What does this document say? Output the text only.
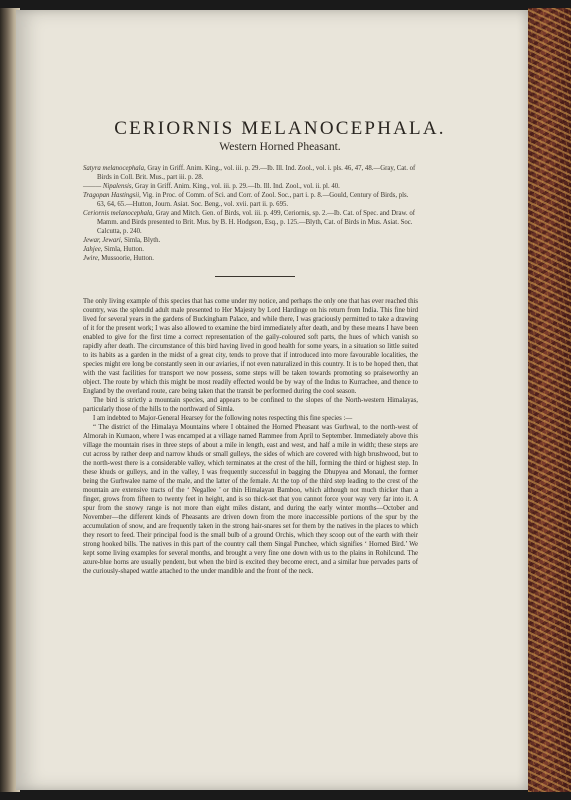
CERIORNIS MELANOCEPHALA.
Western Horned Pheasant.

Satyra melanocephala, Gray in Griff. Anim. King., vol. iii. p. 29.—Ib. Ill. Ind. Zool., vol. i. pls. 46, 47, 48.—Gray, Cat. of Birds in Coll. Brit. Mus., part iii. p. 28.

——— Nipalensis, Gray in Griff. Anim. King., vol. iii. p. 29.—Ib. Ill. Ind. Zool., vol. ii. pl. 40.

Tragopan Hastingsii, Vig. in Proc. of Comm. of Sci. and Corr. of Zool. Soc., part i. p. 8.—Gould, Century of Birds, pls. 63, 64, 65.—Hutton, Journ. Asiat. Soc. Beng., vol. xvii. part ii. p. 695.

Ceriornis melanocephala, Gray and Mitch. Gen. of Birds, vol. iii. p. 499, Ceriornis, sp. 2.—Ib. Cat. of Spec. and Draw. of Mamm. and Birds presented to Brit. Mus. by B. H. Hodgson, Esq., p. 125.—Blyth, Cat. of Birds in Mus. Asiat. Soc. Calcutta, p. 240.

Jewar, Jewari, Simla, Blyth.

Jahjee, Simla, Hutton.

Jwire, Mussoorie, Hutton.

The only living example of this species that has come under my notice, and perhaps the only one that has ever reached this country, was the splendid adult male presented to Her Majesty by Lord Hardinge on his return from India. This fine bird lived for several years in the gardens of Buckingham Palace, and while there, I was graciously permitted to take a drawing of it for the present work; I was also allowed to examine the bird immediately after death, and by these means I have been enabled to give for the first time a correct representation of the gaily-coloured soft parts, the hues of which vanish so rapidly after death. The circumstance of this bird having lived in good health for some years, in a situation so little suited to its habits as a garden in the midst of a great city, tends to prove that if introduced into more favourable localities, the species might ere long be constantly seen in our aviaries, if not even naturalized in this country. It is to be hoped then, that with the vast facilities for transport we now possess, some steps will be taken towards promoting so praiseworthy an object. The route by which this might be most readily effected would be by way of the Indus to Kurrachee, and thence to England by the overland route, care being taken that the transit be performed during the cool season.

The bird is strictly a mountain species, and appears to be confined to the slopes of the North-western Himalayas, particularly those of the hills to the northward of Simla.

I am indebted to Major-General Hearsey for the following notes respecting this fine species :—

“ The district of the Himalaya Mountains where I obtained the Horned Pheasant was Gurhwal, to the north-west of Almorah in Kumaon, where I was encamped at a village named Rammee from April to September. Immediately above this village the mountain rises in three steps of about a mile in length, east and west, and half a mile in width; these steps are cut across by rather deep and narrow khuds or small gulleys, the sides of which are covered with high brushwood, but to the north-west there is a considerable valley, which terminates at the crest of the hill, forming the third or highest step. In these khuds or gulleys, and in the valley, I was frequently successful in bagging the Dhupyea and Monaul, the former being the Gurhwalee name of the male, and the latter of the female. At the top of the third step leading to the crest of the mountain are extensive tracts of the ‘ Negallee ’ or thin Himalayan Bamboo, which although not much thicker than a finger, grows from fifteen to twenty feet in height, and is so thick-set that you cannot force your way very far into it. A spur from the snowy range is not more than eight miles distant, and during the early winter months—October and November—the different kinds of Pheasants are driven down from the more inaccessible portions of the spur by the accumulation of snow, and are frequently taken in the strong hair-snares set for them by the natives in the places to which they resort to feed. Their principal food is the small bulb of a ground Orchis, which they scoop out of the earth with their strong hooked bills. The natives in this part of the country call them Singal Punchee, which signifies ‘ Horned Bird.’ We kept some living examples for several months, and brought a very fine one down with us to the plains in Rohilcund. The azure-blue horns are usually pendent, but when the bird is excited they become erect, and a similar hue pervades parts of the curiously-shaped wattle attached to the under mandible and the front of the neck.
